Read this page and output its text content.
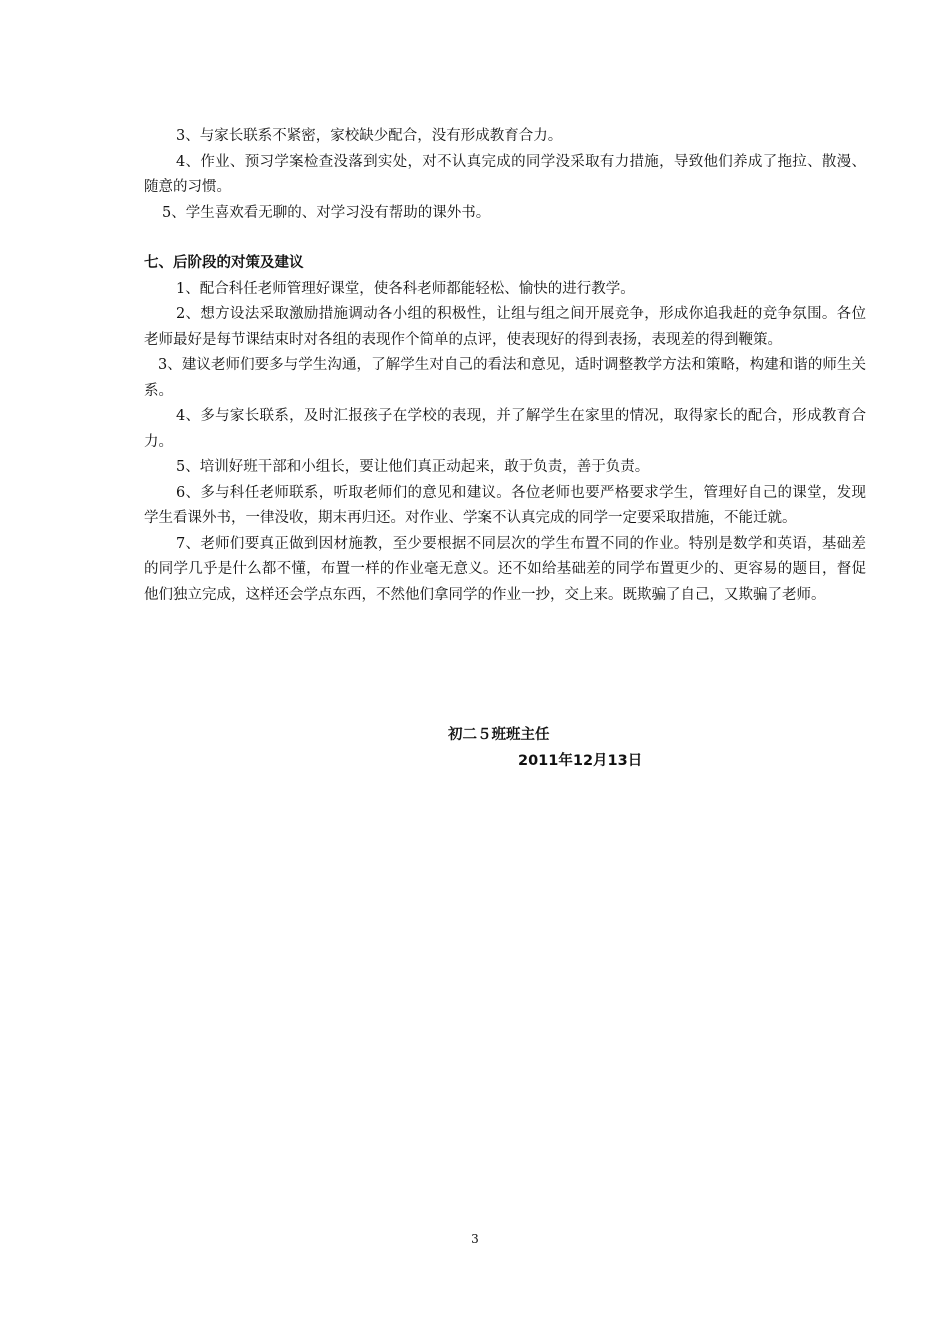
3、与家长联系不紧密，家校缺少配合，没有形成教育合力。

4、作业、预习学案检查没落到实处，对不认真完成的同学没采取有力措施，导致他们养成了拖拉、散漫、随意的习惯。

5、学生喜欢看无聊的、对学习没有帮助的课外书。

七、后阶段的对策及建议

1、配合科任老师管理好课堂，使各科老师都能轻松、愉快的进行教学。

2、想方设法采取激励措施调动各小组的积极性，让组与组之间开展竞争，形成你追我赶的竞争氛围。各位老师最好是每节课结束时对各组的表现作个简单的点评，使表现好的得到表扬，表现差的得到鞭策。

3、建议老师们要多与学生沟通，了解学生对自己的看法和意见，适时调整教学方法和策略，构建和谐的师生关系。

4、多与家长联系，及时汇报孩子在学校的表现，并了解学生在家里的情况，取得家长的配合，形成教育合力。

5、培训好班干部和小组长，要让他们真正动起来，敢于负责，善于负责。

6、多与科任老师联系，听取老师们的意见和建议。各位老师也要严格要求学生，管理好自己的课堂，发现学生看课外书，一律没收，期末再归还。对作业、学案不认真完成的同学一定要采取措施，不能迁就。

7、老师们要真正做到因材施教，至少要根据不同层次的学生布置不同的作业。特别是数学和英语，基础差的同学几乎是什么都不懂，布置一样的作业毫无意义。还不如给基础差的同学布置更少的、更容易的题目，督促他们独立完成，这样还会学点东西，不然他们拿同学的作业一抄，交上来。既欺骗了自己，又欺骗了老师。

初二５班班主任
2011年12月13日
3
